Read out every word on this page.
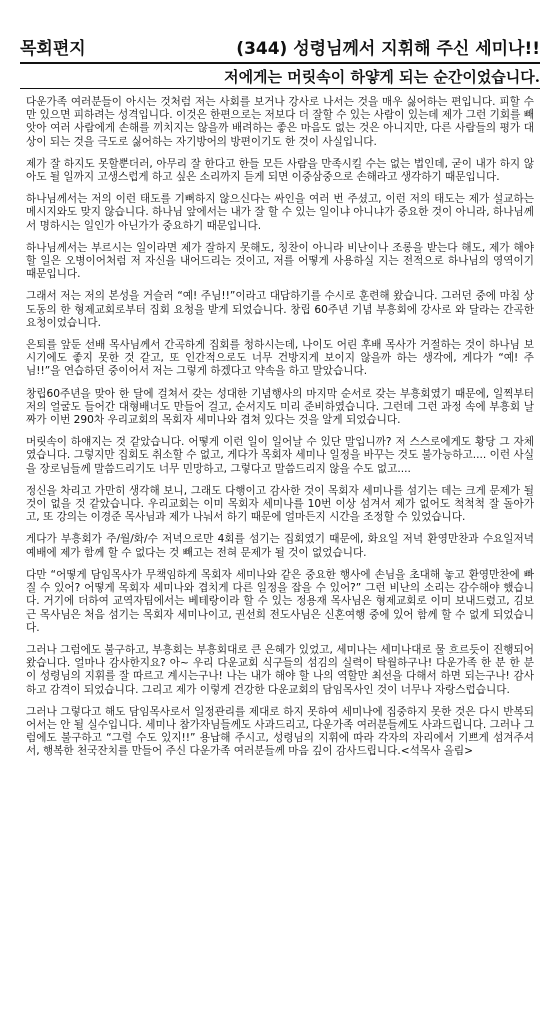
목회편지	(344) 성령님께서 지휘해 주신 세미나!!
저에게는 머릿속이 하얗게 되는 순간이었습니다.

다운가족 여러분들이 아시는 것처럼 저는 사회를 보거나 강사로 나서는 것을 매우 싫어하는 편입니다. 피할 수만 있으면 피하려는 성격입니다. 이것은 한편으로는 저보다 더 잘할 수 있는 사람이 있는데 제가 그런 기회를 빼앗아 여러 사람에게 손해를 끼치지는 않을까 배려하는 좋은 마음도 없는 것은 아니지만, 다른 사람들의 평가 대상이 되는 것을 극도로 싫어하는 자기방어의 방편이기도 한 것이 사실입니다.

제가 잘 하지도 못할뿐더러, 아무리 잘 한다고 한들 모든 사람을 만족시킬 수는 없는 법인데, 굳이 내가 하지 않아도 될 일까지 고생스럽게 하고 싶은 소리까지 듣게 되면 이중삼중으로 손해라고 생각하기 때문입니다.

하나님께서는 저의 이런 태도를 기뻐하지 않으신다는 싸인을 여러 번 주셨고, 이런 저의 태도는 제가 설교하는 메시지와도 맞지 않습니다. 하나님 앞에서는 내가 잘 할 수 있는 일이냐 아니냐가 중요한 것이 아니라, 하나님께서 명하시는 일인가 아닌가가 중요하기 때문입니다.

하나님께서는 부르시는 일이라면 제가 잘하지 못해도, 칭찬이 아니라 비난이나 조롱을 받는다 해도, 제가 해야 할 일은 오병이어처럼 저 자신을 내어드리는 것이고, 저를 어떻게 사용하실 지는 전적으로 하나님의 영역이기 때문입니다.

그래서 저는 저의 본성을 거슬러 “예! 주님!!”이라고 대답하기를 수시로 훈련해 왔습니다. 그러던 중에 마침 상도동의 한 형제교회로부터 집회 요청을 받게 되었습니다. 창립 60주년 기념 부흥회에 강사로 와 달라는 간곡한 요청이었습니다.

은퇴를 앞둔 선배 목사님께서 간곡하게 집회를 청하시는데, 나이도 어린 후배 목사가 거절하는 것이 하나님 보시기에도 좋지 못한 것 같고, 또 인간적으로도 너무 건방지게 보이지 않을까 하는 생각에, 게다가 “예! 주님!!”을 연습하던 중이어서 저는 그렇게 하겠다고 약속을 하고 말았습니다.

창립60주년을 맞아 한 달에 걸쳐서 갖는 성대한 기념행사의 마지막 순서로 갖는 부흥회였기 때문에, 일찍부터 저의 얼굴도 들어간 대형배너도 만들어 걸고, 순서지도 미리 준비하였습니다. 그런데 그런 과정 속에 부흥회 날짜가 이번 290차 우리교회의 목회자 세미나와 겹쳐 있다는 것을 알게 되었습니다.

머릿속이 하얘지는 것 같았습니다. 어떻게 이런 일이 일어날 수 있단 말입니까? 저 스스로에게도 황당 그 자체였습니다. 그렇지만 집회도 취소할 수 없고, 게다가 목회자 세미나 일정을 바꾸는 것도 불가능하고.... 이런 사실을 장로님들께 말씀드리기도 너무 민망하고, 그렇다고 말씀드리지 않을 수도 없고....

정신을 차리고 가만히 생각해 보니, 그래도 다행이고 감사한 것이 목회자 세미나를 섬기는 데는 크게 문제가 될 것이 없을 것 같았습니다. 우리교회는 이미 목회자 세미나를 10번 이상 섬겨서 제가 없어도 척척척 잘 돌아가고, 또 강의는 이경준 목사님과 제가 나눠서 하기 때문에 얼마든지 시간을 조정할 수 있었습니다.

게다가 부흥회가 주/월/화/수 저녁으로만 4회를 섬기는 집회였기 때문에, 화요일 저녁 환영만찬과 수요일저녁 예배에 제가 함께 할 수 없다는 것 빼고는 전혀 문제가 될 것이 없었습니다.

다만 “어떻게 담임목사가 무책임하게 목회자 세미나와 같은 중요한 행사에 손님을 초대해 놓고 환영만찬에 빠질 수 있어? 어떻게 목회자 세미나와 겹치게 다른 일정을 잡을 수 있어?” 그런 비난의 소리는 감수해야 했습니다. 거기에 더하여 교역자팀에서는 베테랑이라 할 수 있는 정용재 목사님은 형제교회로 이미 보내드렸고, 김보근 목사님은 처음 섬기는 목회자 세미나이고, 권선희 전도사님은 신혼여행 중에 있어 함께 할 수 없게 되었습니다.

그러나 그럼에도 불구하고, 부흥회는 부흥회대로 큰 은혜가 있었고, 세미나는 세미나대로 물 흐르듯이 진행되어 왔습니다. 얼마나 감사한지요? 아~ 우리 다운교회 식구들의 섬김의 실력이 탁월하구나! 다운가족 한 분 한 분이 성령님의 지휘를 잘 따르고 계시는구나! 나는 내가 해야 할 나의 역할만 최선을 다해서 하면 되는구나! 감사하고 감격이 되었습니다. 그리고 제가 이렇게 건강한 다운교회의 담임목사인 것이 너무나 자랑스럽습니다.

그러나 그렇다고 해도 담임목사로서 일정관리를 제대로 하지 못하여 세미나에 집중하지 못한 것은 다시 반복되어서는 안 될 실수입니다. 세미나 참가자님들께도 사과드리고, 다운가족 여러분들께도 사과드립니다. 그러나 그럼에도 불구하고 “그럴 수도 있지!!” 용납해 주시고, 성령님의 지휘에 따라 각자의 자리에서 기쁘게 섬겨주셔서, 행복한 천국잔치를 만들어 주신 다운가족 여러분들께 마음 깊이 감사드립니다.<석목사 올림>
